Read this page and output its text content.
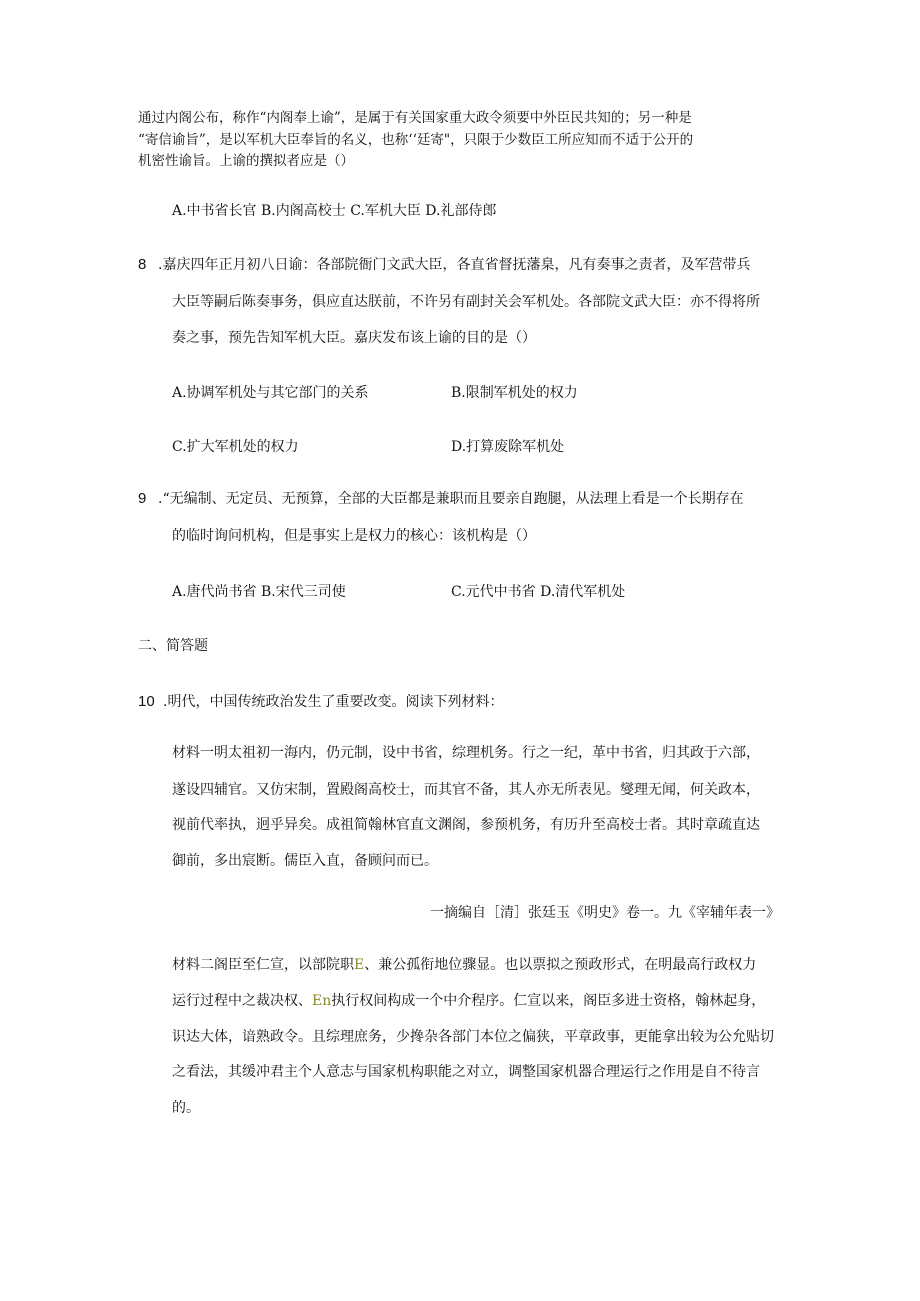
通过内阁公布，称作“内阁奉上谕”，是属于有关国家重大政令须要中外臣民共知的；另一种是
“寄信谕旨”，是以军机大臣奉旨的名义，也称‘‘廷寄"，只限于少数臣工所应知而不适于公开的
机密性谕旨。上谕的撰拟者应是（）
A.中书省长官 B.内阁高校士 C.军机大臣 D.礼部侍郎
8 .嘉庆四年正月初八日谕：各部院衙门文武大臣，各直省督抚藩臬，凡有奏事之责者，及军营带兵
大臣等嗣后陈奏事务，俱应直达朕前，不许另有副封关会军机处。各部院文武大臣：亦不得将所
奏之事，预先告知军机大臣。嘉庆发布该上谕的目的是（）
A.协调军机处与其它部门的关系	B.限制军机处的权力
C.扩大军机处的权力	D.打算废除军机处
9 .“无编制、无定员、无预算，全部的大臣都是兼职而且要亲自跑腿，从法理上看是一个长期存在
的临时询问机构，但是事实上是权力的核心：该机构是（）
A.唐代尚书省 B.宋代三司使	C.元代中书省 D.清代军机处
二、简答题
10 .明代，中国传统政治发生了重要改变。阅读下列材料：
材料一明太祖初一海内，仍元制，设中书省，综理机务。行之一纪，革中书省，归其政于六部，
遂设四辅官。又仿宋制，置殿阁高校士，而其官不备，其人亦无所表见。燮理无闻，何关政本，
视前代率执，迥乎异矣。成祖简翰林官直文渊阁，参预机务，有历升至高校士者。其时章疏直达
御前，多出宸断。儒臣入直，备顾问而已。
一摘编自［清］张廷玉《明史》卷一。九《宰辅年表一》
材料二阁臣至仁宣，以部院职E、兼公孤衔地位骤显。也以票拟之预政形式，在明最高行政权力
运行过程中之裁决权、En执行权间构成一个中介程序。仁宣以来，阁臣多进士资格，翰林起身，
识达大体，谙熟政令。且综理庶务，少搀杂各部门本位之偏狭，平章政事，更能拿出较为公允贴切
之看法，其缓冲君主个人意志与国家机构职能之对立，调整国家机器合理运行之作用是自不待言
的。
